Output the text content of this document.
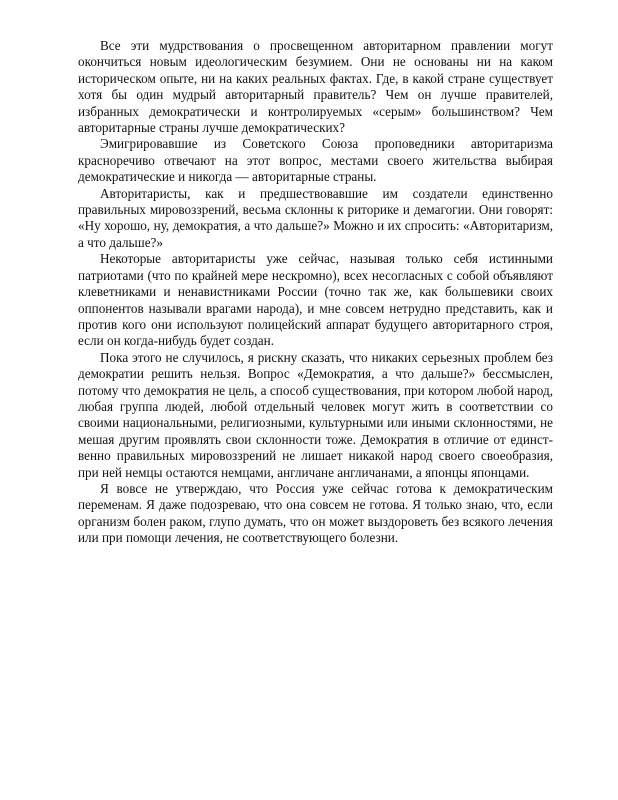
Все эти мудрствования о просвещенном авторитарном правлении могут окончиться новым идеологическим безумием. Они не основаны ни на каком историческом опыте, ни на каких реальных фактах. Где, в какой стране существует хотя бы один мудрый авторитарный правитель? Чем он лучше правителей, избранных демократически и контролируемых «серым» большинством? Чем авторитарные страны лучше демократических?

Эмигрировавшие из Советского Союза проповедники авторитаризма красноречиво отвечают на этот вопрос, местами своего жительства выбирая демократические и никогда — авторитарные страны.

Авторитаристы, как и предшествовавшие им создатели единственно правильных мировоззрений, весьма склонны к риторике и демагогии. Они говорят: «Ну хорошо, ну, демократия, а что дальше?» Можно и их спросить: «Авторитаризм, а что дальше?»

Некоторые авторитаристы уже сейчас, называя только себя истинными патриотами (что по крайней мере нескромно), всех несогласных с собой объявляют клеветниками и ненавистниками России (точно так же, как большевики своих оппонентов называли врагами народа), и мне совсем нетрудно представить, как и против кого они используют полицейский аппарат будущего авторитарного строя, если он когда-нибудь будет создан.

Пока этого не случилось, я рискну сказать, что никаких серьезных проблем без демократии решить нельзя. Вопрос «Демократия, а что дальше?» бессмыслен, потому что демократия не цель, а способ существования, при котором любой народ, любая группа людей, любой отдельный человек могут жить в соответствии со своими национальными, религиозными, культурными или иными склонностями, не мешая другим проявлять свои склонности тоже. Демократия в отличие от единственно правильных мировоззрений не лишает никакой народ своего своеобразия, при ней немцы остаются немцами, англичане англичанами, а японцы японцами.

Я вовсе не утверждаю, что Россия уже сейчас готова к демократическим переменам. Я даже подозреваю, что она совсем не готова. Я только знаю, что, если организм болен раком, глупо думать, что он может выздороветь без всякого лечения или при помощи лечения, не соответствующего болезни.
